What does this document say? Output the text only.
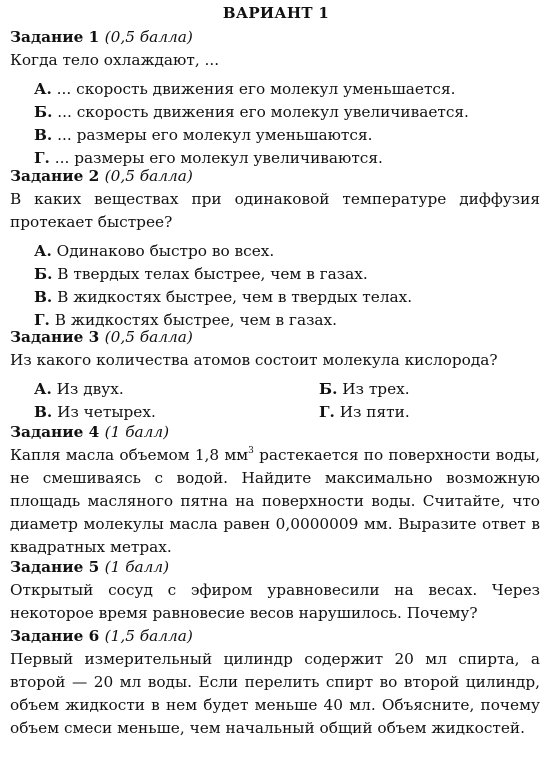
ВАРИАНТ 1
Задание 1 (0,5 балла)
Когда тело охлаждают, ...
А. ... скорость движения его молекул уменьшается.
Б. ... скорость движения его молекул увеличивается.
В. ... размеры его молекул уменьшаются.
Г. ... размеры его молекул увеличиваются.
Задание 2 (0,5 балла)
В каких веществах при одинаковой температуре диффузия протекает быстрее?
А. Одинаково быстро во всех.
Б. В твердых телах быстрее, чем в газах.
В. В жидкостях быстрее, чем в твердых телах.
Г. В жидкостях быстрее, чем в газах.
Задание 3 (0,5 балла)
Из какого количества атомов состоит молекула кислорода?
А. Из двух.	Б. Из трех.
В. Из четырех.	Г. Из пяти.
Задание 4 (1 балл)
Капля масла объемом 1,8 $мм^3$ растекается по поверхности воды, не смешиваясь с водой. Найдите максимально возможную площадь масляного пятна на поверхности воды. Считайте, что диаметр молекулы масла равен 0,0000009 мм. Выразите ответ в квадратных метрах.
Задание 5 (1 балл)
Открытый сосуд с эфиром уравновесили на весах. Через некоторое время равновесие весов нарушилось. Почему?
Задание 6 (1,5 балла)
Первый измерительный цилиндр содержит 20 мл спирта, а второй — 20 мл воды. Если перелить спирт во второй цилиндр, объем жидкости в нем будет меньше 40 мл. Объясните, почему объем смеси меньше, чем начальный общий объем жидкостей.
